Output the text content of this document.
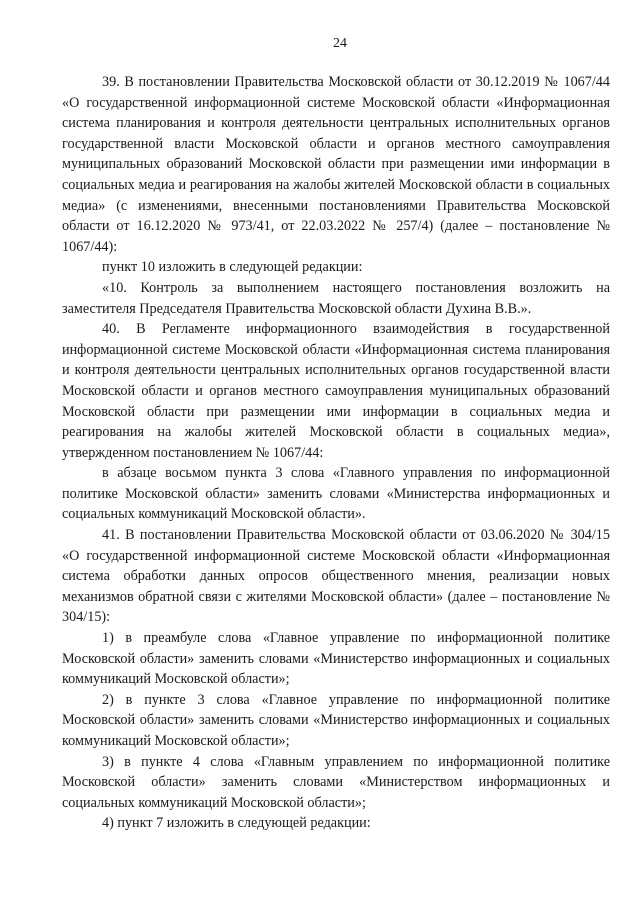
24

39. В постановлении Правительства Московской области от 30.12.2019 № 1067/44 «О государственной информационной системе Московской области «Информационная система планирования и контроля деятельности центральных исполнительных органов государственной власти Московской области и органов местного самоуправления муниципальных образований Московской области при размещении ими информации в социальных медиа и реагирования на жалобы жителей Московской области в социальных медиа» (с изменениями, внесенными постановлениями Правительства Московской области от 16.12.2020 № 973/41, от 22.03.2022 № 257/4) (далее – постановление № 1067/44):

пункт 10 изложить в следующей редакции:

«10. Контроль за выполнением настоящего постановления возложить на заместителя Председателя Правительства Московской области Духина В.В.».

40. В Регламенте информационного взаимодействия в государственной информационной системе Московской области «Информационная система планирования и контроля деятельности центральных исполнительных органов государственной власти Московской области и органов местного самоуправления муниципальных образований Московской области при размещении ими информации в социальных медиа и реагирования на жалобы жителей Московской области в социальных медиа», утвержденном постановлением № 1067/44:

в абзаце восьмом пункта 3 слова «Главного управления по информационной политике Московской области» заменить словами «Министерства информационных и социальных коммуникаций Московской области».

41. В постановлении Правительства Московской области от 03.06.2020 № 304/15 «О государственной информационной системе Московской области «Информационная система обработки данных опросов общественного мнения, реализации новых механизмов обратной связи с жителями Московской области» (далее – постановление № 304/15):

1) в преамбуле слова «Главное управление по информационной политике Московской области» заменить словами «Министерство информационных и социальных коммуникаций Московской области»;

2) в пункте 3 слова «Главное управление по информационной политике Московской области» заменить словами «Министерство информационных и социальных коммуникаций Московской области»;

3) в пункте 4 слова «Главным управлением по информационной политике Московской области» заменить словами «Министерством информационных и социальных коммуникаций Московской области»;

4) пункт 7 изложить в следующей редакции:
